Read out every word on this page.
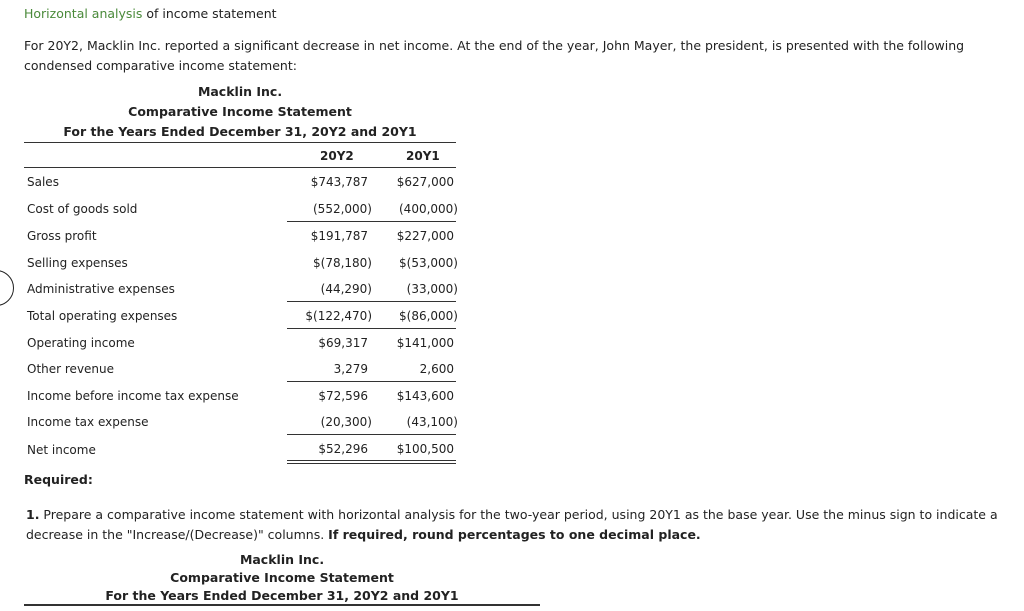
Horizontal analysis of income statement
For 20Y2, Macklin Inc. reported a significant decrease in net income. At the end of the year, John Mayer, the president, is presented with the following condensed comparative income statement:
Macklin Inc.
Comparative Income Statement
For the Years Ended December 31, 20Y2 and 20Y1
20Y2	20Y1
Sales	$743,787 $627,000
Cost of goods sold	(552,000) (400,000)
Gross profit	$191,787 $227,000
Selling expenses	$(78,180) $(53,000)
Administrative expenses	(44,290)	(33,000)
Total operating expenses	$(122,470) $(86,000)
Operating income	$69,317 $141,000
Other revenue	3,279	2,600
Income before income tax expense	$72,596 $143,600
Income tax expense	(20,300)	(43,100)
Net income	$52,296 $100,500
Required:
1. Prepare a comparative income statement with horizontal analysis for the two-year period, using 20Y1 as the base year. Use the minus sign to indicate a decrease in the "Increase/(Decrease)" columns. If required, round percentages to one decimal place.
Macklin Inc.
Comparative Income Statement
For the Years Ended December 31, 20Y2 and 20Y1
